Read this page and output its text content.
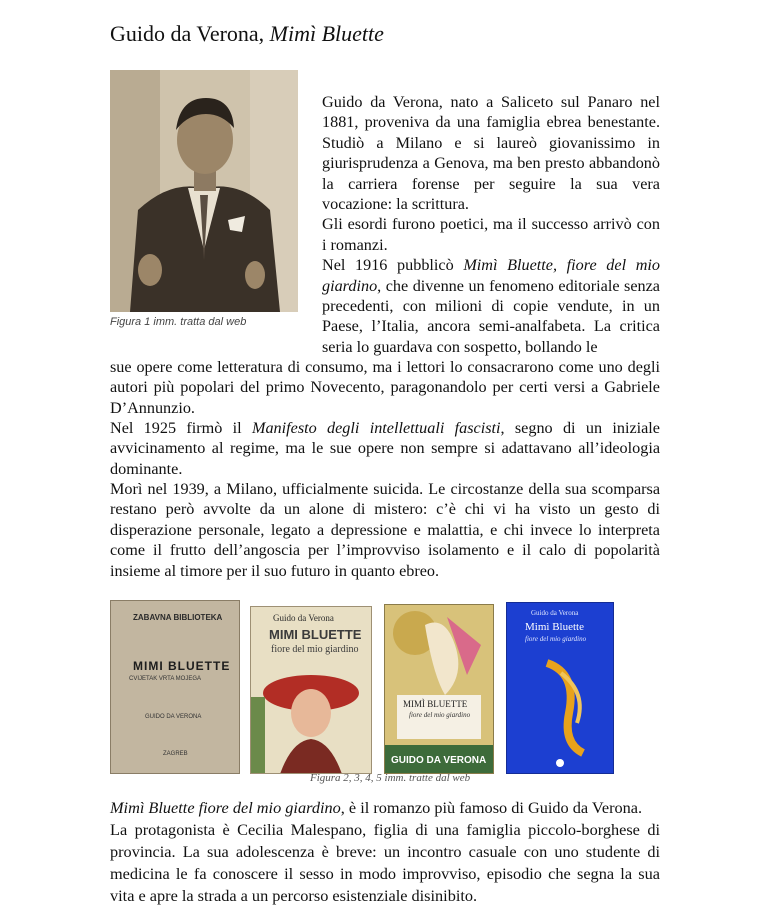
Guido da Verona, Mimì Bluette
Figura 1 imm. tratta dal web
Guido da Verona, nato a Saliceto sul Panaro nel 1881, proveniva da una famiglia ebrea benestante. Studiò a Milano e si laureò giovanissimo in giurisprudenza a Genova, ma ben presto abbandonò la carriera forense per seguire la sua vera vocazione: la scrittura.
Gli esordi furono poetici, ma il successo arrivò con i romanzi.
Nel 1916 pubblicò Mimì Bluette, fiore del mio giardino, che divenne un fenomeno editoriale senza precedenti, con milioni di copie vendute, in un Paese, l’Italia, ancora semi-analfabeta. La critica seria lo guardava con sospetto, bollando le
sue opere come letteratura di consumo, ma i lettori lo consacrarono come uno degli autori più popolari del primo Novecento, paragonandolo per certi versi a Gabriele D’Annunzio.
Nel 1925 firmò il Manifesto degli intellettuali fascisti, segno di un iniziale avvicinamento al regime, ma le sue opere non sempre si adattavano all’ideologia dominante.
Morì nel 1939, a Milano, ufficialmente suicida. Le circostanze della sua scomparsa restano però avvolte da un alone di mistero: c’è chi vi ha visto un gesto di disperazione personale, legato a depressione e malattia, e chi invece lo interpreta come il frutto dell’angoscia per l’improvviso isolamento e il calo di popolarità insieme al timore per il suo futuro in quanto ebreo.
ZABAVNA BIBLIOTEKA
MIMI BLUETTE
CVIJETAK VRTA MOJEGA
GUIDO DA VERONA
ZAGREB
Guido da Verona
MIMI BLUETTE
fiore del mio giardino
MIMÌ BLUETTE
fiore del mio giardino
GUIDO DA VERONA
Guido da Verona
Mimì Bluette
fiore del mio giardino
Figura 2, 3, 4, 5 imm. tratte dal web
Mimì Bluette fiore del mio giardino, è il romanzo più famoso di Guido da Verona.
La protagonista è Cecilia Malespano, figlia di una famiglia piccolo-borghese di provincia. La sua adolescenza è breve: un incontro casuale con uno studente di medicina le fa conoscere il sesso in modo improvviso, episodio che segna la sua vita e apre la strada a un percorso esistenziale disinibito.
